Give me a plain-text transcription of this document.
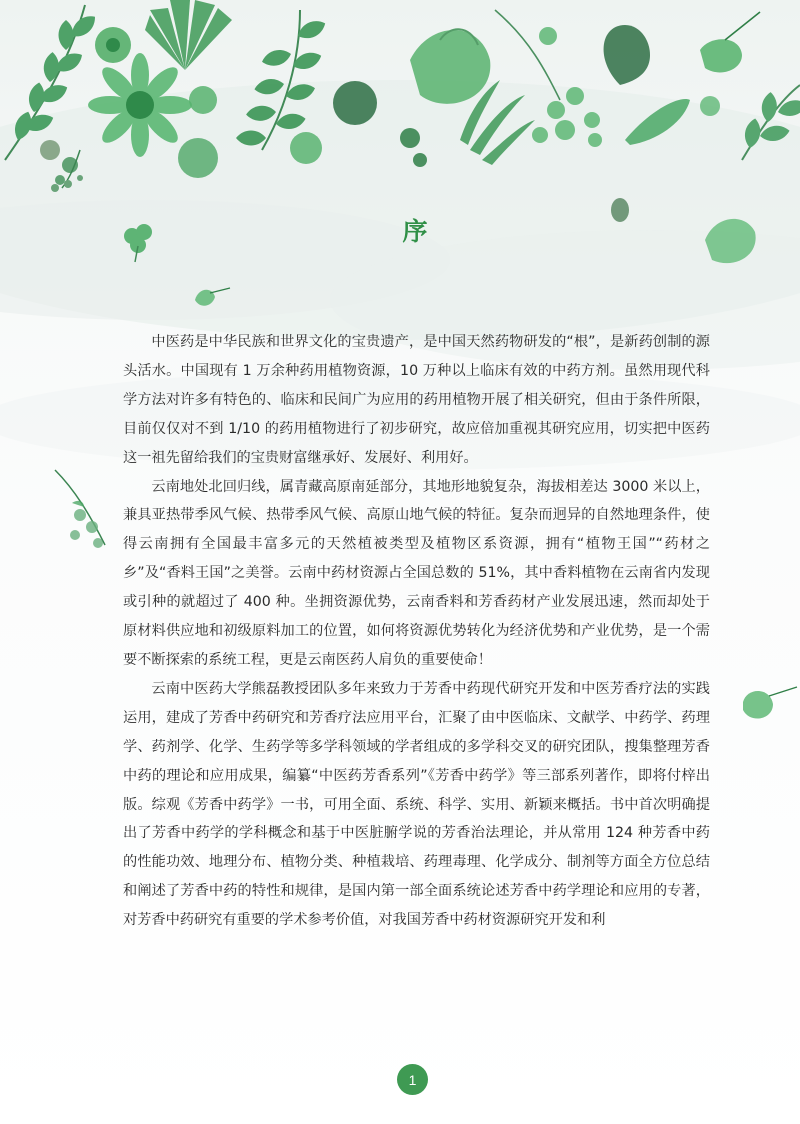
序

中医药是中华民族和世界文化的宝贵遗产，是中国天然药物研发的“根”，是新药创制的源头活水。中国现有 1 万余种药用植物资源，10 万种以上临床有效的中药方剂。虽然用现代科学方法对许多有特色的、临床和民间广为应用的药用植物开展了相关研究，但由于条件所限，目前仅仅对不到 1/10 的药用植物进行了初步研究，故应倍加重视其研究应用，切实把中医药这一祖先留给我们的宝贵财富继承好、发展好、利用好。

云南地处北回归线，属青藏高原南延部分，其地形地貌复杂，海拔相差达 3000 米以上，兼具亚热带季风气候、热带季风气候、高原山地气候的特征。复杂而迥异的自然地理条件，使得云南拥有全国最丰富多元的天然植被类型及植物区系资源，拥有“植物王国”“药材之乡”及“香料王国”之美誉。云南中药材资源占全国总数的 51%，其中香料植物在云南省内发现或引种的就超过了 400 种。坐拥资源优势，云南香料和芳香药材产业发展迅速，然而却处于原材料供应地和初级原料加工的位置，如何将资源优势转化为经济优势和产业优势，是一个需要不断探索的系统工程，更是云南医药人肩负的重要使命！

云南中医药大学熊磊教授团队多年来致力于芳香中药现代研究开发和中医芳香疗法的实践运用，建成了芳香中药研究和芳香疗法应用平台，汇聚了由中医临床、文献学、中药学、药理学、药剂学、化学、生药学等多学科领域的学者组成的多学科交叉的研究团队，搜集整理芳香中药的理论和应用成果，编纂“中医药芳香系列”《芳香中药学》等三部系列著作，即将付梓出版。综观《芳香中药学》一书，可用全面、系统、科学、实用、新颖来概括。书中首次明确提出了芳香中药学的学科概念和基于中医脏腑学说的芳香治法理论，并从常用 124 种芳香中药的性能功效、地理分布、植物分类、种植栽培、药理毒理、化学成分、制剂等方面全方位总结和阐述了芳香中药的特性和规律，是国内第一部全面系统论述芳香中药学理论和应用的专著，对芳香中药研究有重要的学术参考价值，对我国芳香中药材资源研究开发和利

1
